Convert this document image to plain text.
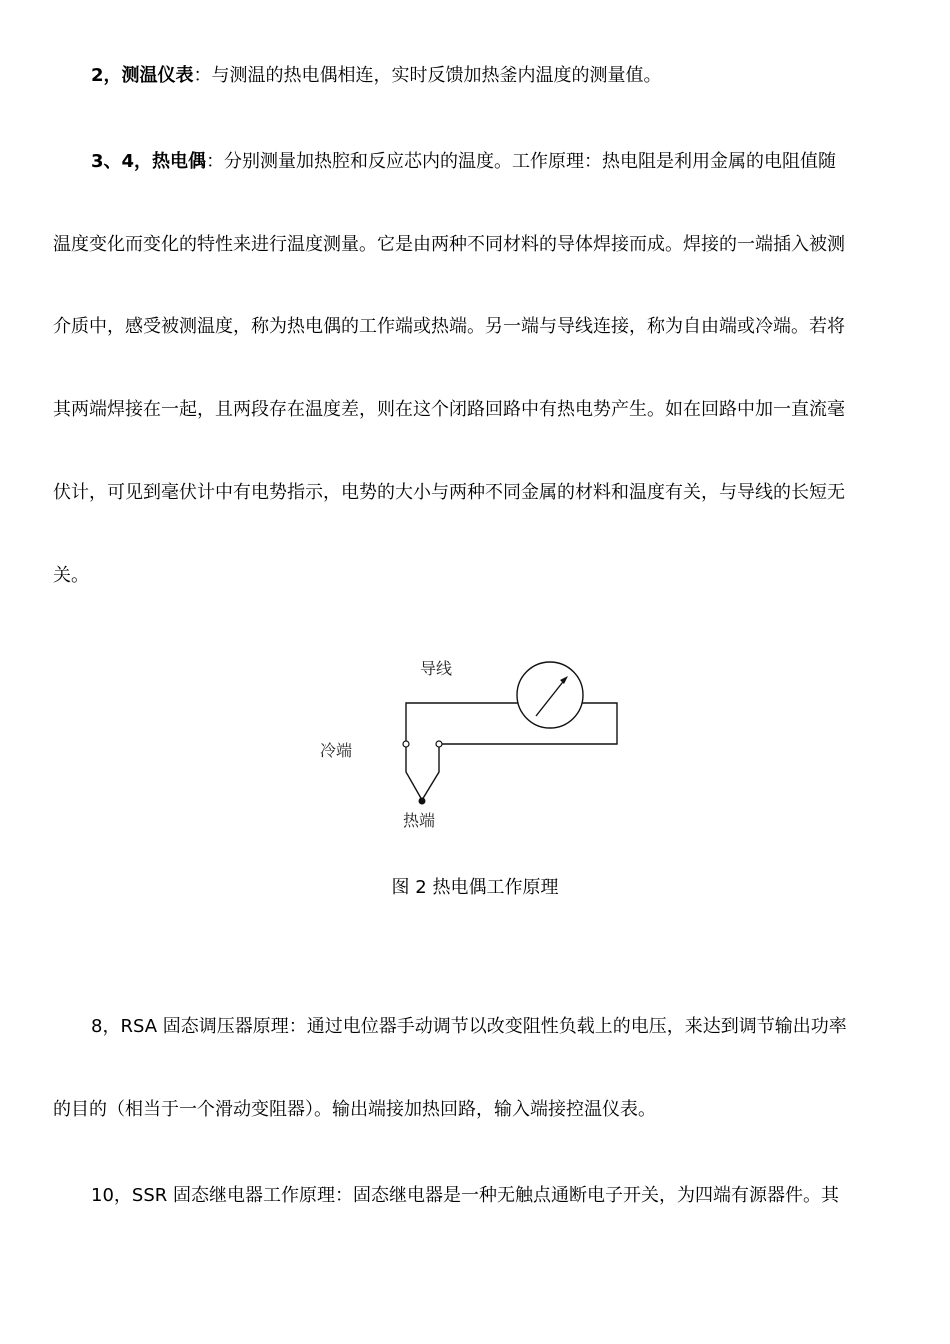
2，测温仪表：与测温的热电偶相连，实时反馈加热釜内温度的测量值。
3、4，热电偶：分别测量加热腔和反应芯内的温度。工作原理：热电阻是利用金属的电阻值随
温度变化而变化的特性来进行温度测量。它是由两种不同材料的导体焊接而成。焊接的一端插入被测
介质中，感受被测温度，称为热电偶的工作端或热端。另一端与导线连接，称为自由端或冷端。若将
其两端焊接在一起，且两段存在温度差，则在这个闭路回路中有热电势产生。如在回路中加一直流毫
伏计，可见到毫伏计中有电势指示，电势的大小与两种不同金属的材料和温度有关，与导线的长短无
关。
导线
冷端
热端
图 2 热电偶工作原理
8，RSA 固态调压器原理：通过电位器手动调节以改变阻性负载上的电压，来达到调节输出功率
的目的（相当于一个滑动变阻器）。输出端接加热回路，输入端接控温仪表。
10，SSR 固态继电器工作原理：固态继电器是一种无触点通断电子开关，为四端有源器件。其
